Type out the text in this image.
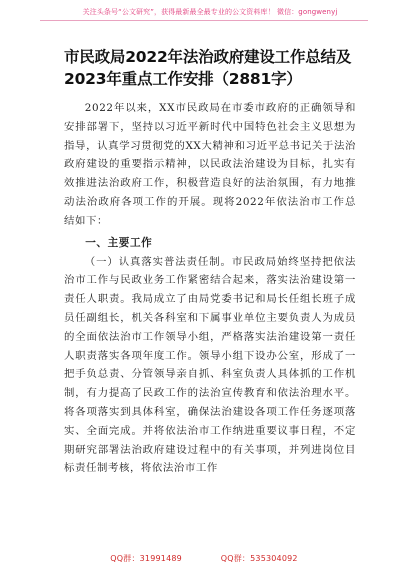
关注头条号“公文研究”，获得最新最全最专业的公文资料库！ 微信：gongwenyj
市民政局2022年法治政府建设工作总结及2023年重点工作安排（2881字）

2022年以来，XX市民政局在市委市政府的正确领导和安排部署下，坚持以习近平新时代中国特色社会主义思想为指导，认真学习贯彻党的XX大精神和习近平总书记关于法治政府建设的重要指示精神，以民政法治建设为目标，扎实有效推进法治政府工作，积极营造良好的法治氛围，有力地推动法治政府各项工作的开展。现将2022年依法治市工作总结如下：

一、主要工作

（一）认真落实普法责任制。市民政局始终坚持把依法治市工作与民政业务工作紧密结合起来，落实法治建设第一责任人职责。我局成立了由局党委书记和局长任组长班子成员任副组长，机关各科室和下属事业单位主要负责人为成员的全面依法治市工作领导小组，严格落实法治建设第一责任人职责落实各项年度工作。领导小组下设办公室，形成了一把手负总责、分管领导亲自抓、科室负责人具体抓的工作机制，有力提高了民政工作的法治宣传教育和依法治理水平。将各项落实到具体科室，确保法治建设各项工作任务逐项落实、全面完成。并将依法治市工作纳进重要议事日程，不定期研究部署法治政府建设过程中的有关事项，并列进岗位目标责任制考核，将依法治市工作

QQ群：31991489	QQ群：535304092
